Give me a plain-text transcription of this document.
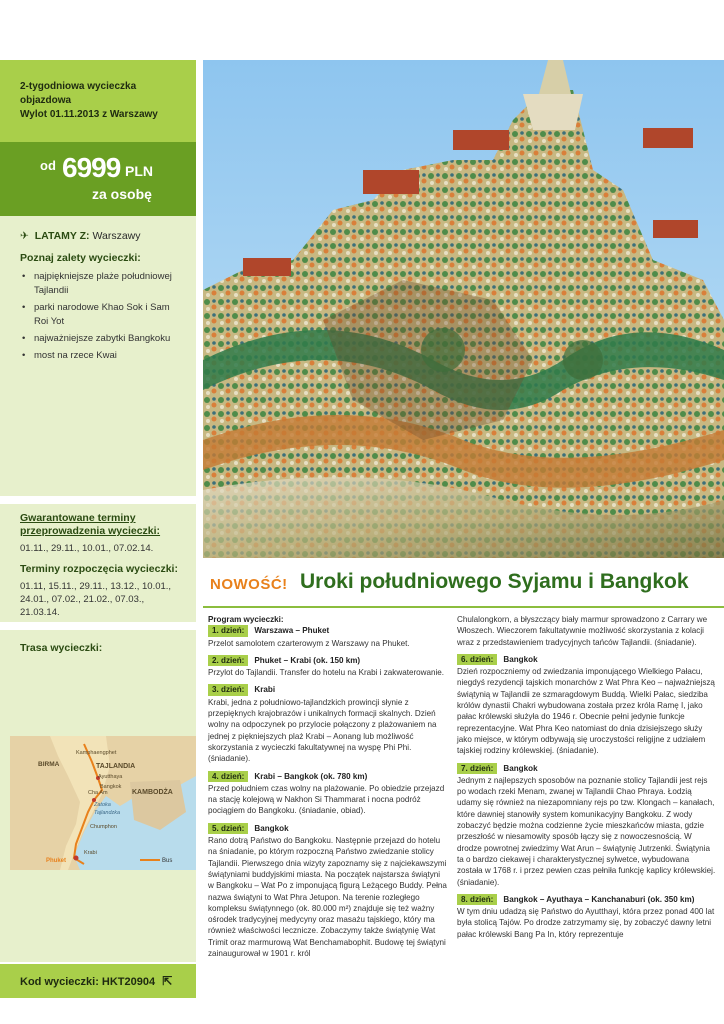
2-tygodniowa wycieczka objazdowa
Wylot 01.11.2013 z Warszawy
od 6999 PLN
za osobę
✈ LATAMY Z: Warszawy
Poznaj zalety wycieczki:
• najpiękniejsze plaże południowej Tajlandii
• parki narodowe Khao Sok i Sam Roi Yot
• najważniejsze zabytki Bangkoku
• most na rzece Kwai
Gwarantowane terminy przeprowadzenia wycieczki:
01.11., 29.11., 10.01., 07.02.14.
Terminy rozpoczęcia wycieczki:
01.11, 15.11., 29.11., 13.12., 10.01., 24.01., 07.02., 21.02., 07.03., 21.03.14.
Trasa wycieczki:
BIRMA
Kamphaengphet
TAJLANDIA
Ayutthaya
Bangkok
Cha Am	KAMBODŻA
Zatoka
Tajlandzka
Chumphon
Phuket
Krabi
Bus
Kod wycieczki: HKT20904 ⇱
NOWOŚĆ! Uroki południowego Syjamu i Bangkok
Program wycieczki:
1. dzień:	Warszawa – Phuket

Przelot samolotem czarterowym z Warszawy na Phuket.

2. dzień:	Phuket – Krabi (ok. 150 km)

Przylot do Tajlandii. Transfer do hotelu na Krabi i zakwaterowanie.

3. dzień:	Krabi

Krabi, jedna z południowo-tajlandzkich prowincji słynie z przepięknych krajobrazów i unikalnych formacji skalnych. Dzień wolny na odpoczynek po przylocie połączony z plażowaniem na jednej z piękniejszych plaż Krabi – Aonang lub możliwość skorzystania z wycieczki fakultatywnej na wyspę Phi Phi. (śniadanie).

4. dzień:	Krabi – Bangkok (ok. 780 km)

Przed południem czas wolny na plażowanie. Po obiedzie przejazd na stację kolejową w Nakhon Si Thammarat i nocna podróż pociągiem do Bangkoku. (śniadanie, obiad).

5. dzień:	Bangkok

Rano dotrą Państwo do Bangkoku. Następnie przejazd do hotelu na śniadanie, po którym rozpoczną Państwo zwiedzanie stolicy Tajlandii. Pierwszego dnia wizyty zapoznamy się z najciekawszymi świątyniami buddyjskimi miasta. Na początek najstarsza świątyni w Bangkoku – Wat Po z imponującą figurą Leżącego Buddy. Pełna nazwa świątyni to Wat Phra Jetupon. Na terenie rozległego kompleksu świątynnego (ok. 80.000 m²) znajduje się też ważny ośrodek tradycyjnej medycyny oraz masażu tajskiego, który ma również właściwości lecznicze. Zobaczymy także świątynię Wat Trimit oraz marmurową Wat Benchamabophit. Budowę tej świątyni zainaugurował w 1901 r. król

Chulalongkorn, a błyszczący biały marmur sprowadzono z Carrary we Włoszech. Wieczorem fakultatywnie możliwość skorzystania z kolacji wraz z przedstawieniem tradycyjnych tańców Tajlandii. (śniadanie).

6. dzień:	Bangkok

Dzień rozpoczniemy od zwiedzania imponującego Wielkiego Pałacu, niegdyś rezydencji tajskich monarchów z Wat Phra Keo – najważniejszą świątynią w Tajlandii ze szmaragdowym Buddą. Wielki Pałac, siedziba królów dynastii Chakri wybudowana została przez króla Ramę I, jako pałac królewski służyła do 1946 r. Obecnie pełni jedynie funkcje reprezentacyjne. Wat Phra Keo natomiast do dnia dzisiejszego służy jako miejsce, w którym odbywają się uroczystości religijne z udziałem tajskiej rodziny królewskiej. (śniadanie).

7. dzień:	Bangkok

Jednym z najlepszych sposobów na poznanie stolicy Tajlandii jest rejs po wodach rzeki Menam, zwanej w Tajlandii Chao Phraya. Łodzią udamy się również na niezapomniany rejs po tzw. Klongach – kanałach, które dawniej stanowiły system komunikacyjny Bangkoku. Z wody zobaczyć będzie można codzienne życie mieszkańców miasta, gdzie przeszłość w niesamowity sposób łączy się z nowoczesnością. W drodze powrotnej zwiedzimy Wat Arun – świątynię Jutrzenki. Świątynia ta o bardzo ciekawej i charakterystycznej sylwetce, wybudowana została w 1768 r. i przez pewien czas pełniła funkcję kaplicy królewskiej. (śniadanie).

8. dzień:	Bangkok – Ayuthaya – Kanchanaburi (ok. 350 km)

W tym dniu udadzą się Państwo do Ayutthayi, która przez ponad 400 lat była stolicą Tajów. Po drodze zatrzymamy się, by zobaczyć dawny letni pałac królewski Bang Pa In, który reprezentuje
